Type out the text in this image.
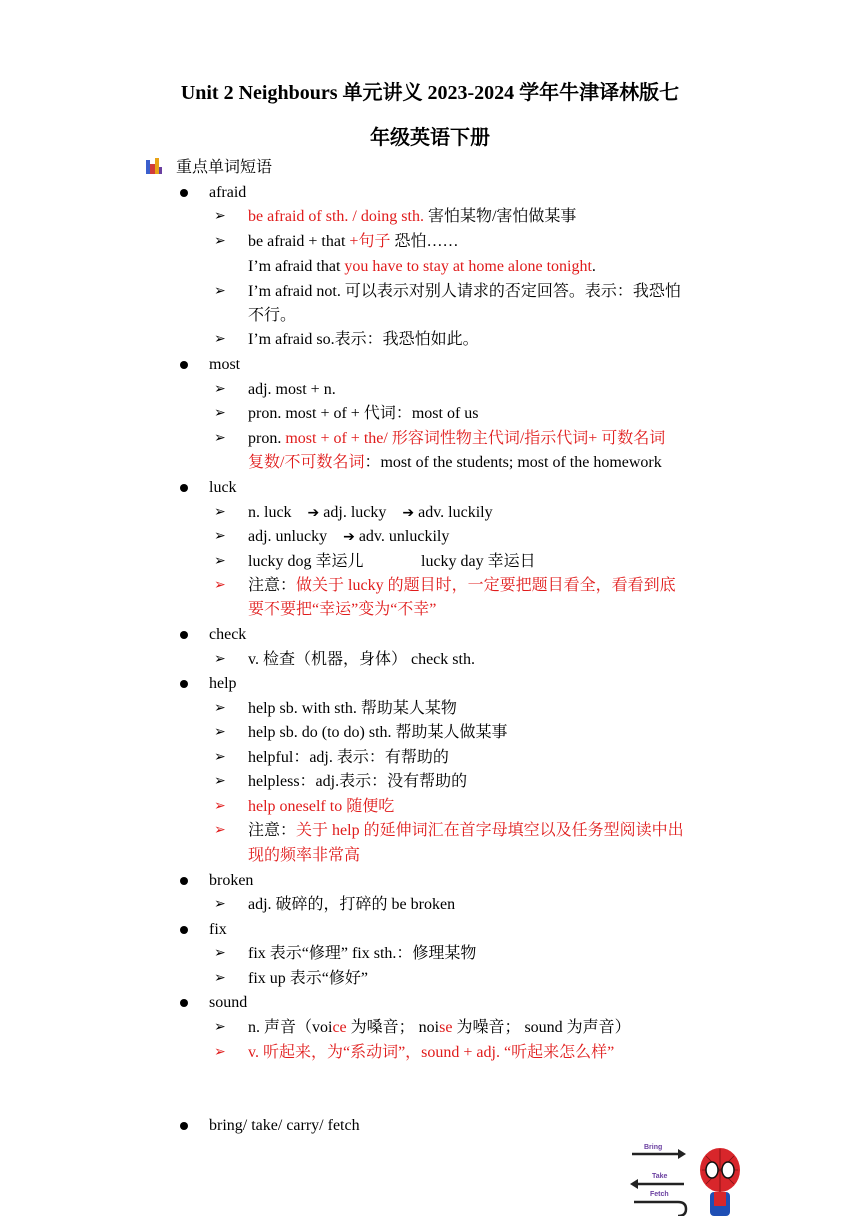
Unit 2 Neighbours 单元讲义 2023-2024 学年牛津译林版七
年级英语下册
重点单词短语
afraid
➢ be afraid of sth. / doing sth. 害怕某物/害怕做某事
➢ be afraid + that +句子 恐怕……
I’m afraid that you have to stay at home alone tonight.
➢ I’m afraid not. 可以表示对别人请求的否定回答。表示：我恐怕
不行。
➢ I’m afraid so.表示：我恐怕如此。
most
➢ adj. most + n.
➢ pron. most + of + 代词：most of us
➢ pron. most + of + the/ 形容词性物主代词/指示代词+ 可数名词
复数/不可数名词：most of the students; most of the homework
luck
➢ n. luck ➔ adj. lucky ➔ adv. luckily
➢ adj. unlucky ➔ adv. unluckily
➢ lucky dog 幸运儿	lucky day 幸运日
➢ 注意：做关于 lucky 的题目时，一定要把题目看全，看看到底
要不要把“幸运”变为“不幸”
check
➢ v. 检查（机器，身体） check sth.
help
➢ help sb. with sth. 帮助某人某物
➢ help sb. do (to do) sth. 帮助某人做某事
➢ helpful：adj. 表示：有帮助的
➢ helpless：adj.表示：没有帮助的
➢ help oneself to 随便吃
➢ 注意：关于 help 的延伸词汇在首字母填空以及任务型阅读中出
现的频率非常高
broken
➢ adj. 破碎的，打碎的 be broken
fix
➢ fix 表示“修理” fix sth.：修理某物
➢ fix up 表示“修好”
sound
➢ n. 声音（voice 为嗓音； noise 为噪音； sound 为声音）
➢ v. 听起来，为“系动词”，sound + adj. “听起来怎么样”
bring/ take/ carry/ fetch
Bring
Take
Fetch
